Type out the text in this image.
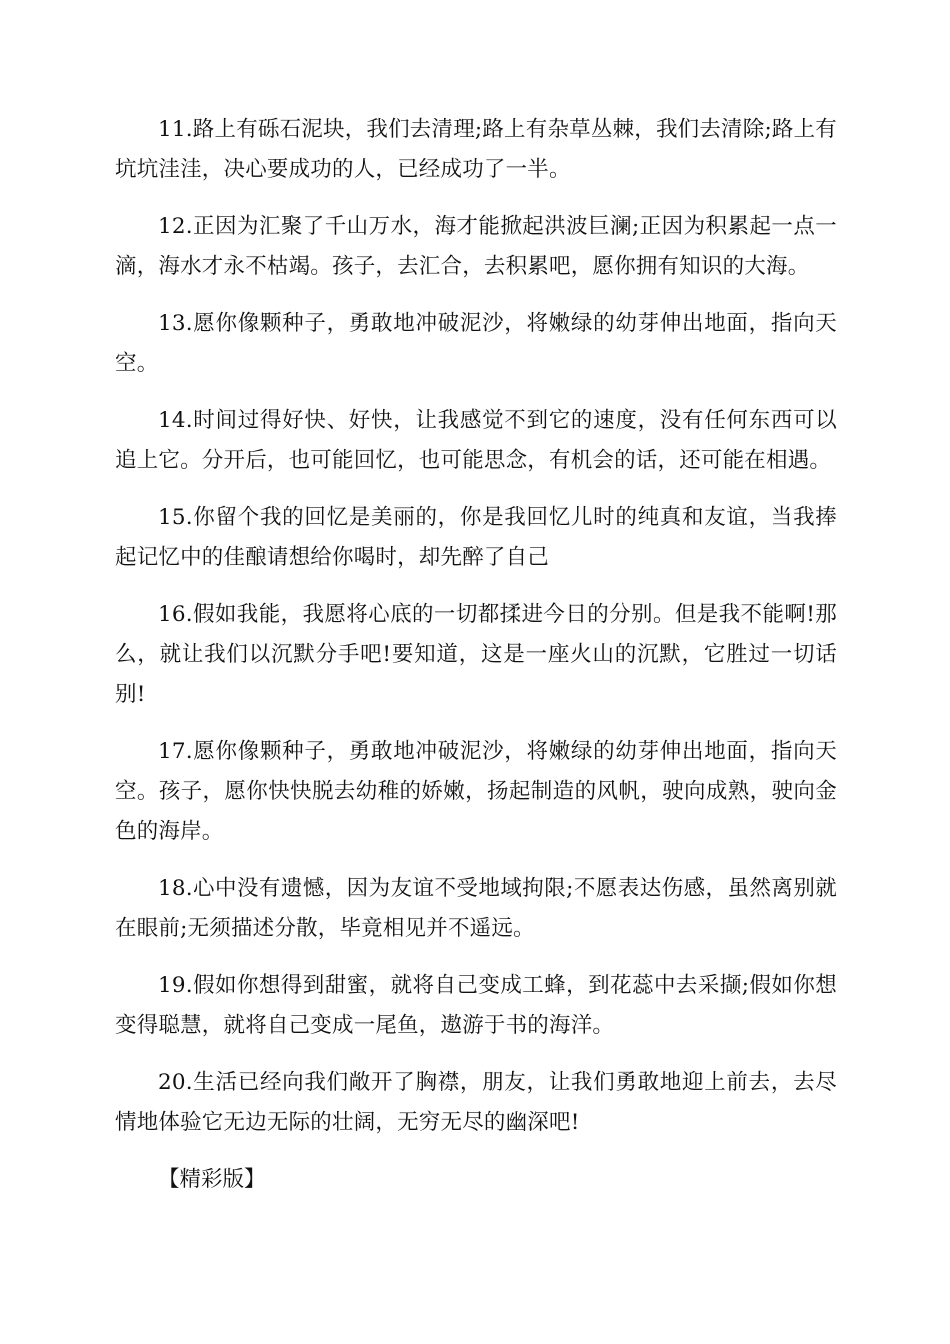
11.路上有砾石泥块，我们去清理;路上有杂草丛棘，我们去清除;路上有坑坑洼洼，决心要成功的人，已经成功了一半。

12.正因为汇聚了千山万水，海才能掀起洪波巨澜;正因为积累起一点一滴，海水才永不枯竭。孩子，去汇合，去积累吧，愿你拥有知识的大海。

13.愿你像颗种子，勇敢地冲破泥沙，将嫩绿的幼芽伸出地面，指向天空。

14.时间过得好快、好快，让我感觉不到它的速度，没有任何东西可以追上它。分开后，也可能回忆，也可能思念，有机会的话，还可能在相遇。

15.你留个我的回忆是美丽的，你是我回忆儿时的纯真和友谊，当我捧起记忆中的佳酿请想给你喝时，却先醉了自己

16.假如我能，我愿将心底的一切都揉进今日的分别。但是我不能啊!那么，就让我们以沉默分手吧!要知道，这是一座火山的沉默，它胜过一切话别!

17.愿你像颗种子，勇敢地冲破泥沙，将嫩绿的幼芽伸出地面，指向天空。孩子，愿你快快脱去幼稚的娇嫩，扬起制造的风帆，驶向成熟，驶向金色的海岸。

18.心中没有遗憾，因为友谊不受地域拘限;不愿表达伤感，虽然离别就在眼前;无须描述分散，毕竟相见并不遥远。

19.假如你想得到甜蜜，就将自己变成工蜂，到花蕊中去采撷;假如你想变得聪慧，就将自己变成一尾鱼，遨游于书的海洋。

20.生活已经向我们敞开了胸襟，朋友，让我们勇敢地迎上前去，去尽情地体验它无边无际的壮阔，无穷无尽的幽深吧!

【精彩版】
